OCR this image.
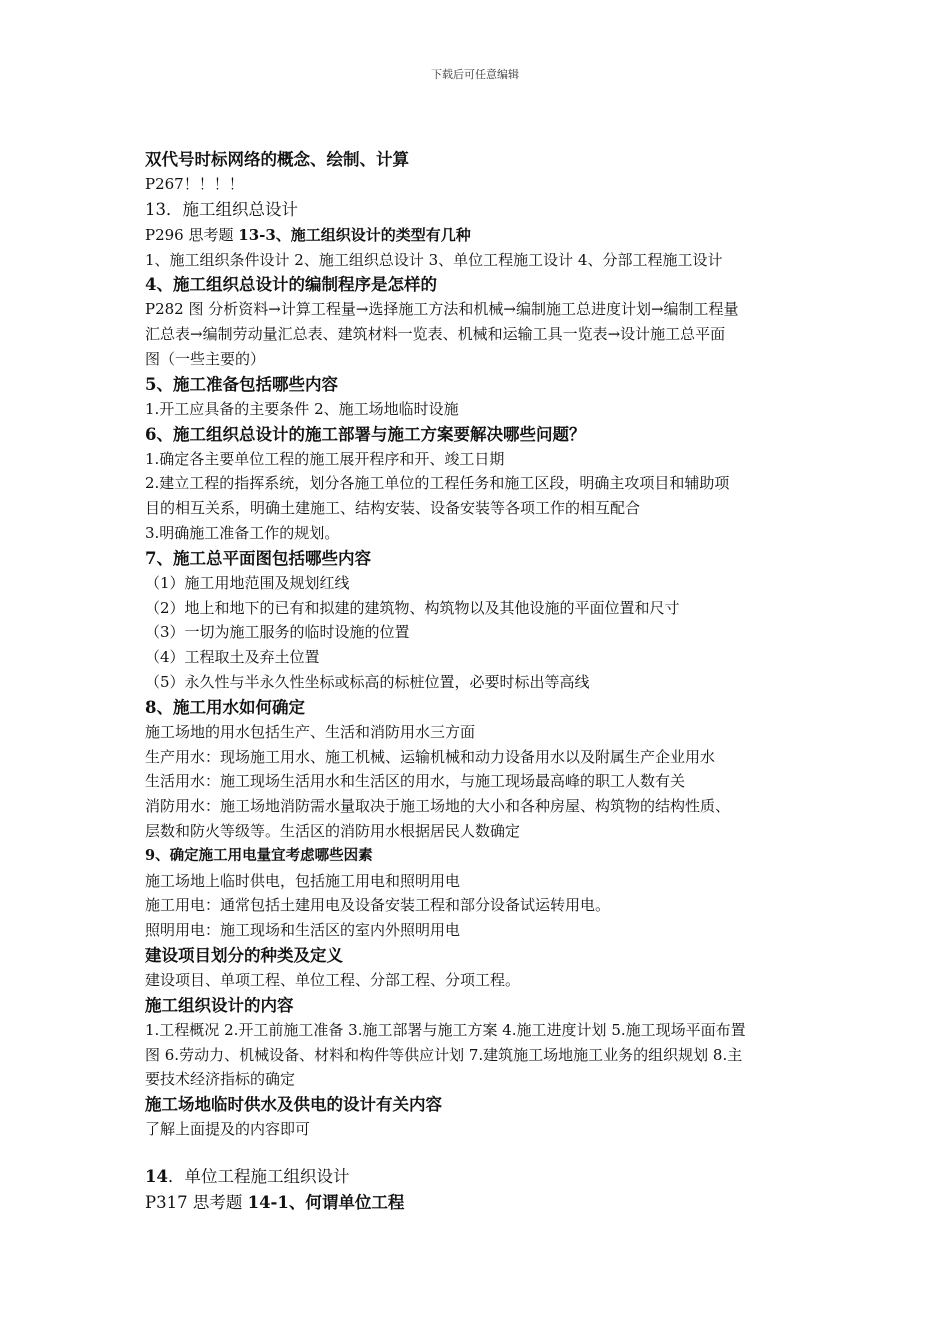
下载后可任意编辑

双代号时标网络的概念、绘制、计算

P267！！！！

13．施工组织总设计

P296 思考题 13-3、施工组织设计的类型有几种

1、施工组织条件设计 2、施工组织总设计 3、单位工程施工设计 4、分部工程施工设计

4、施工组织总设计的编制程序是怎样的

P282 图 分析资料→计算工程量→选择施工方法和机械→编制施工总进度计划→编制工程量

汇总表→编制劳动量汇总表、建筑材料一览表、机械和运输工具一览表→设计施工总平面

图（一些主要的）

5、施工准备包括哪些内容

1.开工应具备的主要条件 2、施工场地临时设施

6、施工组织总设计的施工部署与施工方案要解决哪些问题？

1.确定各主要单位工程的施工展开程序和开、竣工日期

2.建立工程的指挥系统，划分各施工单位的工程任务和施工区段，明确主攻项目和辅助项

目的相互关系，明确土建施工、结构安装、设备安装等各项工作的相互配合

3.明确施工准备工作的规划。

7、施工总平面图包括哪些内容

（1）施工用地范围及规划红线

（2）地上和地下的已有和拟建的建筑物、构筑物以及其他设施的平面位置和尺寸

（3）一切为施工服务的临时设施的位置

（4）工程取土及弃土位置

（5）永久性与半永久性坐标或标高的标桩位置，必要时标出等高线

8、施工用水如何确定

施工场地的用水包括生产、生活和消防用水三方面

生产用水：现场施工用水、施工机械、运输机械和动力设备用水以及附属生产企业用水

生活用水：施工现场生活用水和生活区的用水，与施工现场最高峰的职工人数有关

消防用水：施工场地消防需水量取决于施工场地的大小和各种房屋、构筑物的结构性质、

层数和防火等级等。生活区的消防用水根据居民人数确定

9、确定施工用电量宜考虑哪些因素

施工场地上临时供电，包括施工用电和照明用电

施工用电：通常包括土建用电及设备安装工程和部分设备试运转用电。

照明用电：施工现场和生活区的室内外照明用电

建设项目划分的种类及定义

建设项目、单项工程、单位工程、分部工程、分项工程。

施工组织设计的内容

1.工程概况 2.开工前施工准备 3.施工部署与施工方案 4.施工进度计划 5.施工现场平面布置

图 6.劳动力、机械设备、材料和构件等供应计划 7.建筑施工场地施工业务的组织规划 8.主

要技术经济指标的确定

施工场地临时供水及供电的设计有关内容

了解上面提及的内容即可

14．单位工程施工组织设计

P317 思考题 14-1、何谓单位工程
